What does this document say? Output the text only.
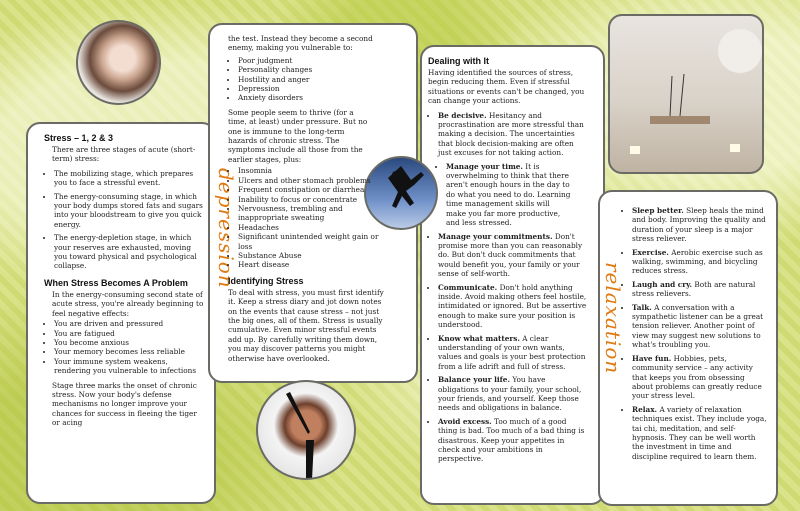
depression
relaxation
Stress – 1, 2 & 3

There are three stages of acute (short-term) stress:

• The mobilizing stage, which prepares you to face a stressful event.
• The energy-consuming stage, in which your body dumps stored fats and sugars into your bloodstream to give you quick energy.
• The energy-depletion stage, in which your reserves are exhausted, moving you toward physical and psychological collapse.
When Stress Becomes A Problem

In the energy-consuming second state of acute stress, you're already beginning to feel negative effects:

• You are driven and pressured
• You are fatigued
• You become anxious
• Your memory becomes less reliable
• Your immune system weakens, rendering you vulnerable to infections

Stage three marks the onset of chronic stress. Now your body's defense mechanisms no longer improve your chances for success in fleeing the tiger or acing

the test. Instead they become a second enemy, making you vulnerable to:

• Poor judgment
• Personality changes
• Hostility and anger
• Depression
• Anxiety disorders

Some people seem to thrive (for a time, at least) under pressure. But no one is immune to the long-term hazards of chronic stress. The symptoms include all those from the earlier stages, plus:

• Insomnia
• Ulcers and other stomach problems
• Frequent constipation or diarrhea
• Inability to focus or concentrate
• Nervousness, trembling and inappropriate sweating
• Headaches
• Significant unintended weight gain or loss
• Substance Abuse
• Heart disease
Identifying Stress

To deal with stress, you must first identify it. Keep a stress diary and jot down notes on the events that cause stress – not just the big ones, all of them. Stress is usually cumulative. Even minor stressful events add up. By carefully writing them down, you may discover patterns you might otherwise have overlooked.

Dealing with It

Having identified the sources of stress, begin reducing them. Even if stressful situations or events can't be changed, you can change your actions.

• Be decisive. Hesitancy and procrastination are more stressful than making a decision. The uncertainties that block decision-making are often just excuses for not taking action.
• Manage your time. It is overwhelming to think that there aren't enough hours in the day to do what you need to do. Learning time management skills will make you far more productive, and less stressed.
• Manage your commitments. Don't promise more than you can reasonably do. But don't duck commitments that would benefit you, your family or your sense of self-worth.
• Communicate. Don't hold anything inside. Avoid making others feel hostile, intimidated or ignored. But be assertive enough to make sure your position is understood.
• Know what matters. A clear understanding of your own wants, values and goals is your best protection from a life adrift and full of stress.
• Balance your life. You have obligations to your family, your school, your friends, and yourself. Keep those needs and obligations in balance.
• Avoid excess. Too much of a good thing is bad. Too much of a bad thing is disastrous. Keep your appetites in check and your ambitions in perspective.
• Sleep better. Sleep heals the mind and body. Improving the quality and duration of your sleep is a major stress reliever.
• Exercise. Aerobic exercise such as walking, swimming, and bicycling reduces stress.
• Laugh and cry. Both are natural stress relievers.
• Talk. A conversation with a sympathetic listener can be a great tension reliever. Another point of view may suggest new solutions to what's troubling you.
• Have fun. Hobbies, pets, community service – any activity that keeps you from obsessing about problems can greatly reduce your stress level.
• Relax. A variety of relaxation techniques exist. They include yoga, tai chi, meditation, and self-hypnosis. They can be well worth the investment in time and discipline required to learn them.
